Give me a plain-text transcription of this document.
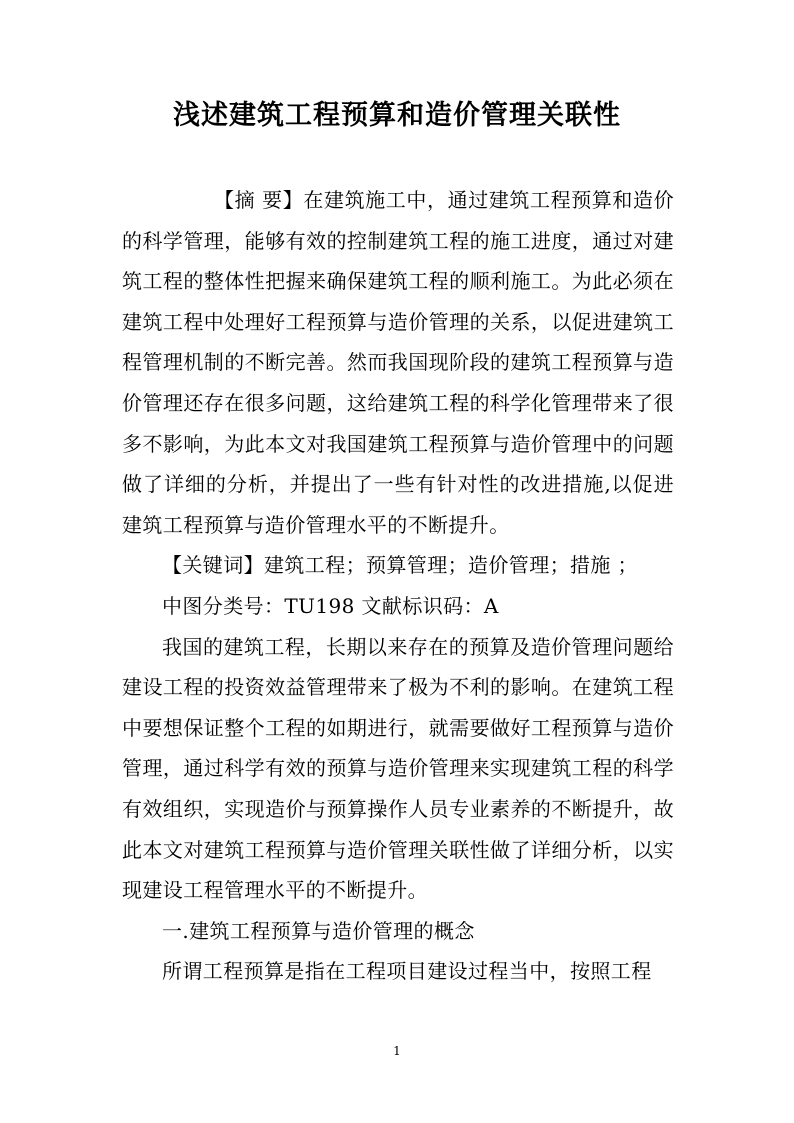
浅述建筑工程预算和造价管理关联性

【摘 要】在建筑施工中，通过建筑工程预算和造价的科学管理，能够有效的控制建筑工程的施工进度，通过对建筑工程的整体性把握来确保建筑工程的顺利施工。为此必须在建筑工程中处理好工程预算与造价管理的关系，以促进建筑工程管理机制的不断完善。然而我国现阶段的建筑工程预算与造价管理还存在很多问题，这给建筑工程的科学化管理带来了很多不影响，为此本文对我国建筑工程预算与造价管理中的问题做了详细的分析，并提出了一些有针对性的改进措施,以促进建筑工程预算与造价管理水平的不断提升。

【关键词】建筑工程；预算管理；造价管理；措施 ；

中图分类号：TU198 文献标识码：A

我国的建筑工程，长期以来存在的预算及造价管理问题给建设工程的投资效益管理带来了极为不利的影响。在建筑工程中要想保证整个工程的如期进行，就需要做好工程预算与造价管理，通过科学有效的预算与造价管理来实现建筑工程的科学有效组织，实现造价与预算操作人员专业素养的不断提升，故此本文对建筑工程预算与造价管理关联性做了详细分析，以实现建设工程管理水平的不断提升。

一.建筑工程预算与造价管理的概念

所谓工程预算是指在工程项目建设过程当中，按照工程

1
